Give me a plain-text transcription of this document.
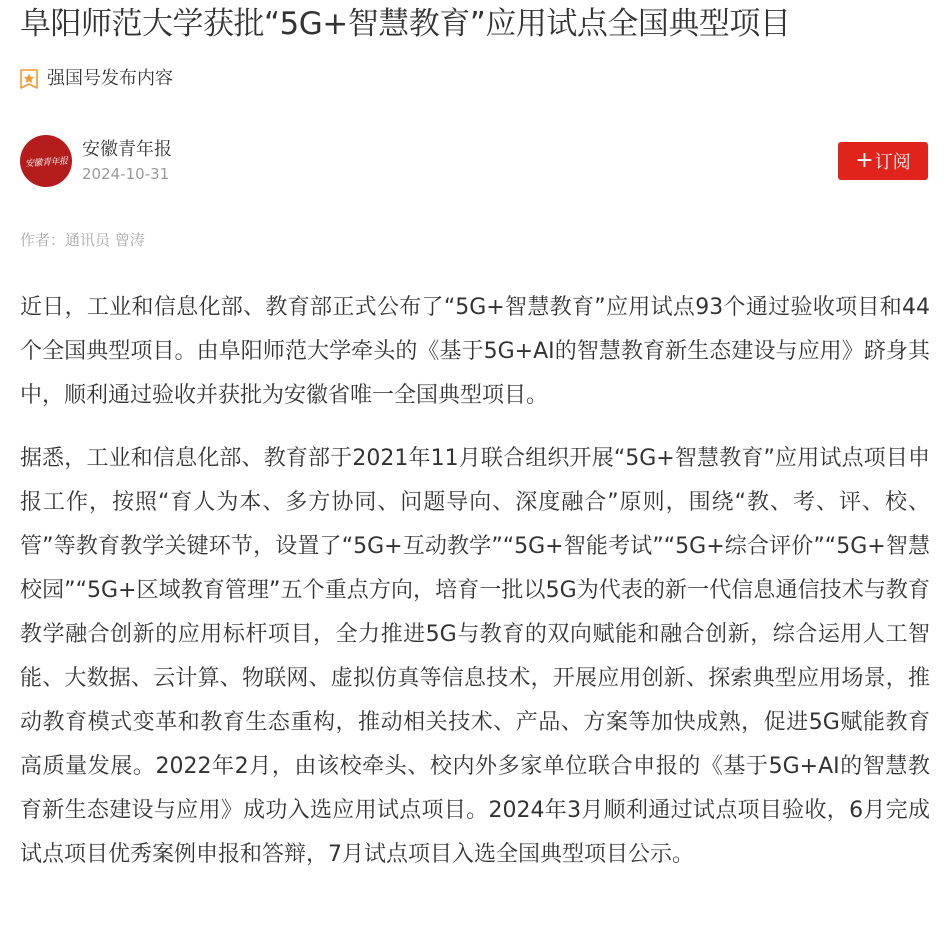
阜阳师范大学获批“5G+智慧教育”应用试点全国典型项目
强国号发布内容
安徽青年报
安徽青年报
2024-10-31
+ 订阅
作者：通讯员 曾涛

近日，工业和信息化部、教育部正式公布了“5G+智慧教育”应用试点93个通过验收项目和44个全国典型项目。由阜阳师范大学牵头的《基于5G+AI的智慧教育新生态建设与应用》跻身其中，顺利通过验收并获批为安徽省唯一全国典型项目。

据悉，工业和信息化部、教育部于2021年11月联合组织开展“5G+智慧教育”应用试点项目申报工作，按照“育人为本、多方协同、问题导向、深度融合”原则，围绕“教、考、评、校、管”等教育教学关键环节，设置了“5G+互动教学”“5G+智能考试”“5G+综合评价”“5G+智慧校园”“5G+区域教育管理”五个重点方向，培育一批以5G为代表的新一代信息通信技术与教育教学融合创新的应用标杆项目，全力推进5G与教育的双向赋能和融合创新，综合运用人工智能、大数据、云计算、物联网、虚拟仿真等信息技术，开展应用创新、探索典型应用场景，推动教育模式变革和教育生态重构，推动相关技术、产品、方案等加快成熟，促进5G赋能教育高质量发展。2022年2月，由该校牵头、校内外多家单位联合申报的《基于5G+AI的智慧教育新生态建设与应用》成功入选应用试点项目。2024年3月顺利通过试点项目验收，6月完成试点项目优秀案例申报和答辩，7月试点项目入选全国典型项目公示。
